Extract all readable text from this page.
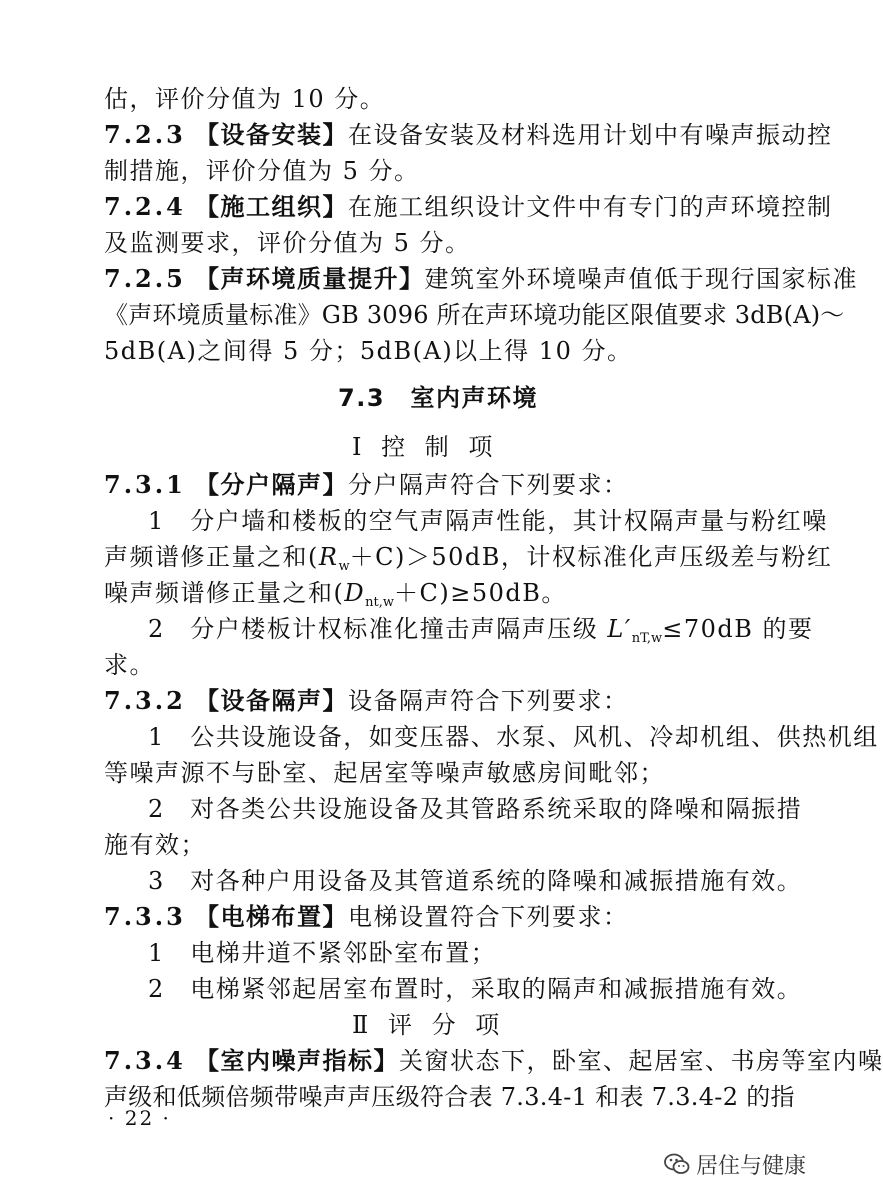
估，评价分值为 10 分。
7.2.3 【设备安装】在设备安装及材料选用计划中有噪声振动控
制措施，评价分值为 5 分。
7.2.4 【施工组织】在施工组织设计文件中有专门的声环境控制
及监测要求，评价分值为 5 分。
7.2.5 【声环境质量提升】建筑室外环境噪声值低于现行国家标准
《声环境质量标准》GB 3096 所在声环境功能区限值要求 3dB(A)～
5dB(A)之间得 5 分；5dB(A)以上得 10 分。
7.3　室内声环境
Ⅰ 控 制 项
7.3.1 【分户隔声】分户隔声符合下列要求：
1　分户墙和楼板的空气声隔声性能，其计权隔声量与粉红噪
声频谱修正量之和$(R_w+C)>50dB$，计权标准化声压级差与粉红
噪声频谱修正量之和$(D_{nt,w}+C)\ge 50dB$。
2　分户楼板计权标准化撞击声隔声压级 $L'_{nT,w}\le 70dB$ 的要
求。
7.3.2 【设备隔声】设备隔声符合下列要求：
1　公共设施设备，如变压器、水泵、风机、冷却机组、供热机组
等噪声源不与卧室、起居室等噪声敏感房间毗邻；
2　对各类公共设施设备及其管路系统采取的降噪和隔振措
施有效；
3　对各种户用设备及其管道系统的降噪和减振措施有效。
7.3.3 【电梯布置】电梯设置符合下列要求：
1　电梯井道不紧邻卧室布置；
2　电梯紧邻起居室布置时，采取的隔声和减振措施有效。
Ⅱ 评 分 项
7.3.4 【室内噪声指标】关窗状态下，卧室、起居室、书房等室内噪
声级和低频倍频带噪声声压级符合表 7.3.4-1 和表 7.3.4-2 的指
· 22 ·
居住与健康
